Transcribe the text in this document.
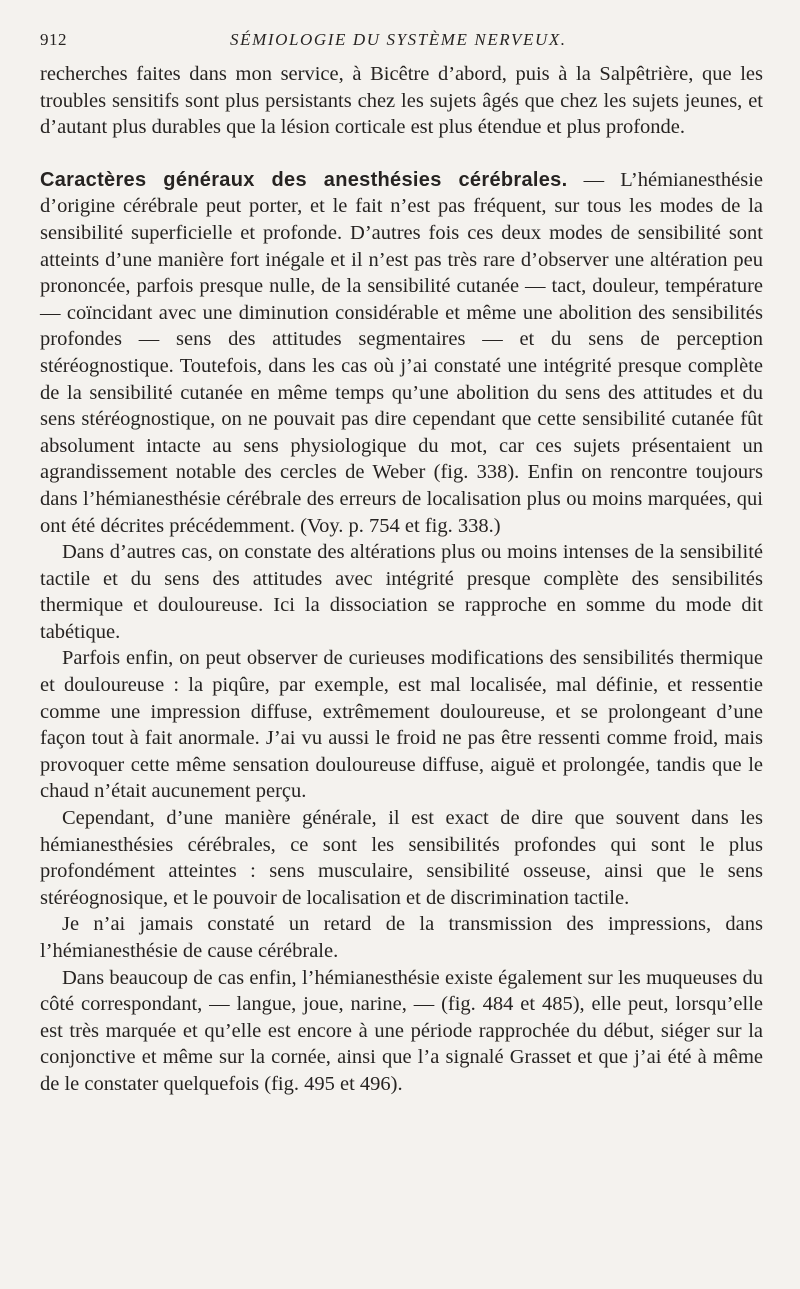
912	SÉMIOLOGIE DU SYSTÈME NERVEUX.

recherches faites dans mon service, à Bicêtre d’abord, puis à la Salpêtrière, que les troubles sensitifs sont plus persistants chez les sujets âgés que chez les sujets jeunes, et d’autant plus durables que la lésion corticale est plus étendue et plus profonde.

Caractères généraux des anesthésies cérébrales. — L’hémianesthésie d’origine cérébrale peut porter, et le fait n’est pas fréquent, sur tous les modes de la sensibilité superficielle et profonde. D’autres fois ces deux modes de sensibilité sont atteints d’une manière fort inégale et il n’est pas très rare d’observer une altération peu prononcée, parfois presque nulle, de la sensibilité cutanée — tact, douleur, température — coïncidant avec une diminution considérable et même une abolition des sensibilités profondes — sens des attitudes segmentaires — et du sens de perception stéréognostique. Toutefois, dans les cas où j’ai constaté une intégrité presque complète de la sensibilité cutanée en même temps qu’une abolition du sens des attitudes et du sens stéréognostique, on ne pouvait pas dire cependant que cette sensibilité cutanée fût absolument intacte au sens physiologique du mot, car ces sujets présentaient un agrandissement notable des cercles de Weber (fig. 338). Enfin on rencontre toujours dans l’hémianesthésie cérébrale des erreurs de localisation plus ou moins marquées, qui ont été décrites précédemment. (Voy. p. 754 et fig. 338.)

Dans d’autres cas, on constate des altérations plus ou moins intenses de la sensibilité tactile et du sens des attitudes avec intégrité presque complète des sensibilités thermique et douloureuse. Ici la dissociation se rapproche en somme du mode dit tabétique.

Parfois enfin, on peut observer de curieuses modifications des sensibilités thermique et douloureuse : la piqûre, par exemple, est mal localisée, mal définie, et ressentie comme une impression diffuse, extrêmement douloureuse, et se prolongeant d’une façon tout à fait anormale. J’ai vu aussi le froid ne pas être ressenti comme froid, mais provoquer cette même sensation douloureuse diffuse, aiguë et prolongée, tandis que le chaud n’était aucunement perçu.

Cependant, d’une manière générale, il est exact de dire que souvent dans les hémianesthésies cérébrales, ce sont les sensibilités profondes qui sont le plus profondément atteintes : sens musculaire, sensibilité osseuse, ainsi que le sens stéréognosique, et le pouvoir de localisation et de discrimination tactile.

Je n’ai jamais constaté un retard de la transmission des impressions, dans l’hémianesthésie de cause cérébrale.

Dans beaucoup de cas enfin, l’hémianesthésie existe également sur les muqueuses du côté correspondant, — langue, joue, narine, — (fig. 484 et 485), elle peut, lorsqu’elle est très marquée et qu’elle est encore à une période rapprochée du début, siéger sur la conjonctive et même sur la cornée, ainsi que l’a signalé Grasset et que j’ai été à même de le constater quelquefois (fig. 495 et 496).
